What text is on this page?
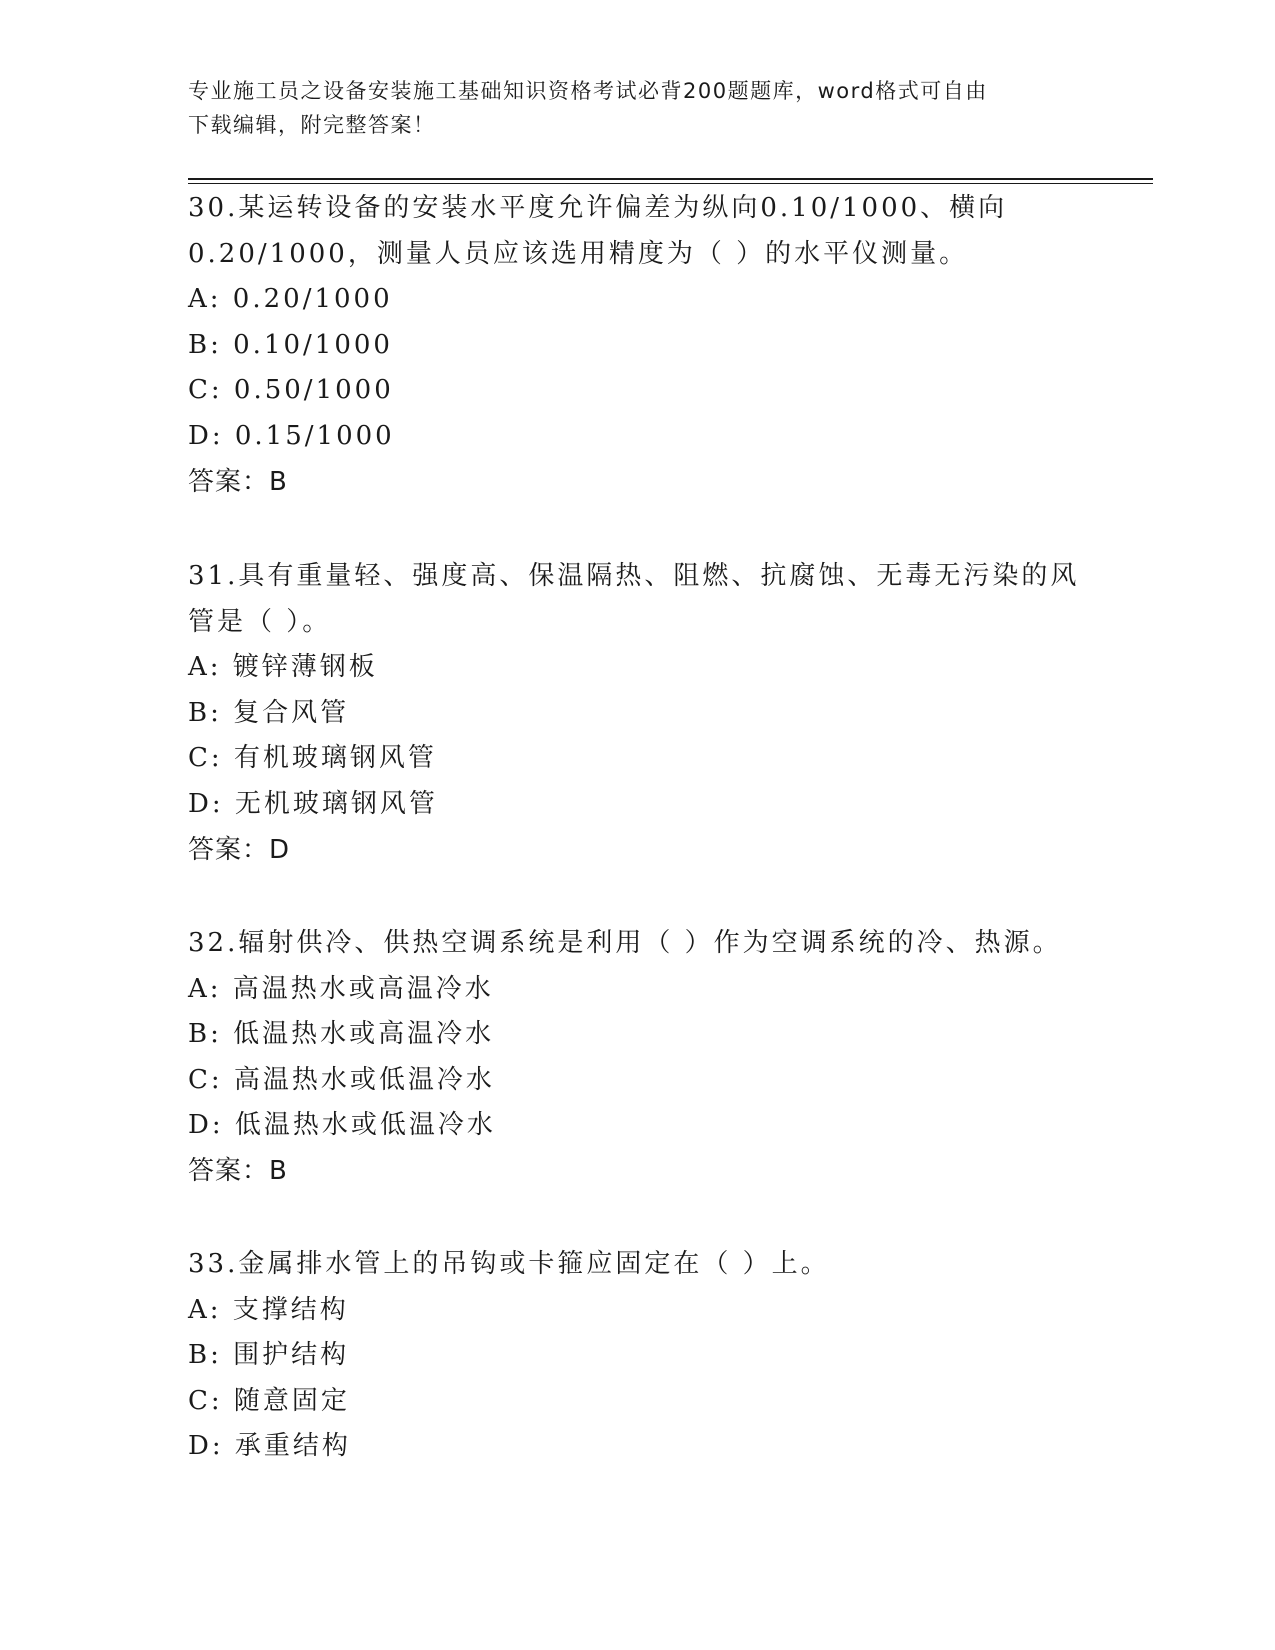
专业施工员之设备安装施工基础知识资格考试必背200题题库，word格式可自由
下载编辑，附完整答案！
30.某运转设备的安装水平度允许偏差为纵向0.10/1000、横向
0.20/1000，测量人员应该选用精度为（ ）的水平仪测量。
A: 0.20/1000
B: 0.10/1000
C: 0.50/1000
D: 0.15/1000
答案：B
31.具有重量轻、强度高、保温隔热、阻燃、抗腐蚀、无毒无污染的风
管是（ ）。
A: 镀锌薄钢板
B: 复合风管
C: 有机玻璃钢风管
D: 无机玻璃钢风管
答案：D
32.辐射供冷、供热空调系统是利用（ ）作为空调系统的冷、热源。
A: 高温热水或高温冷水
B: 低温热水或高温冷水
C: 高温热水或低温冷水
D: 低温热水或低温冷水
答案：B
33.金属排水管上的吊钩或卡箍应固定在（ ）上。
A: 支撑结构
B: 围护结构
C: 随意固定
D: 承重结构
